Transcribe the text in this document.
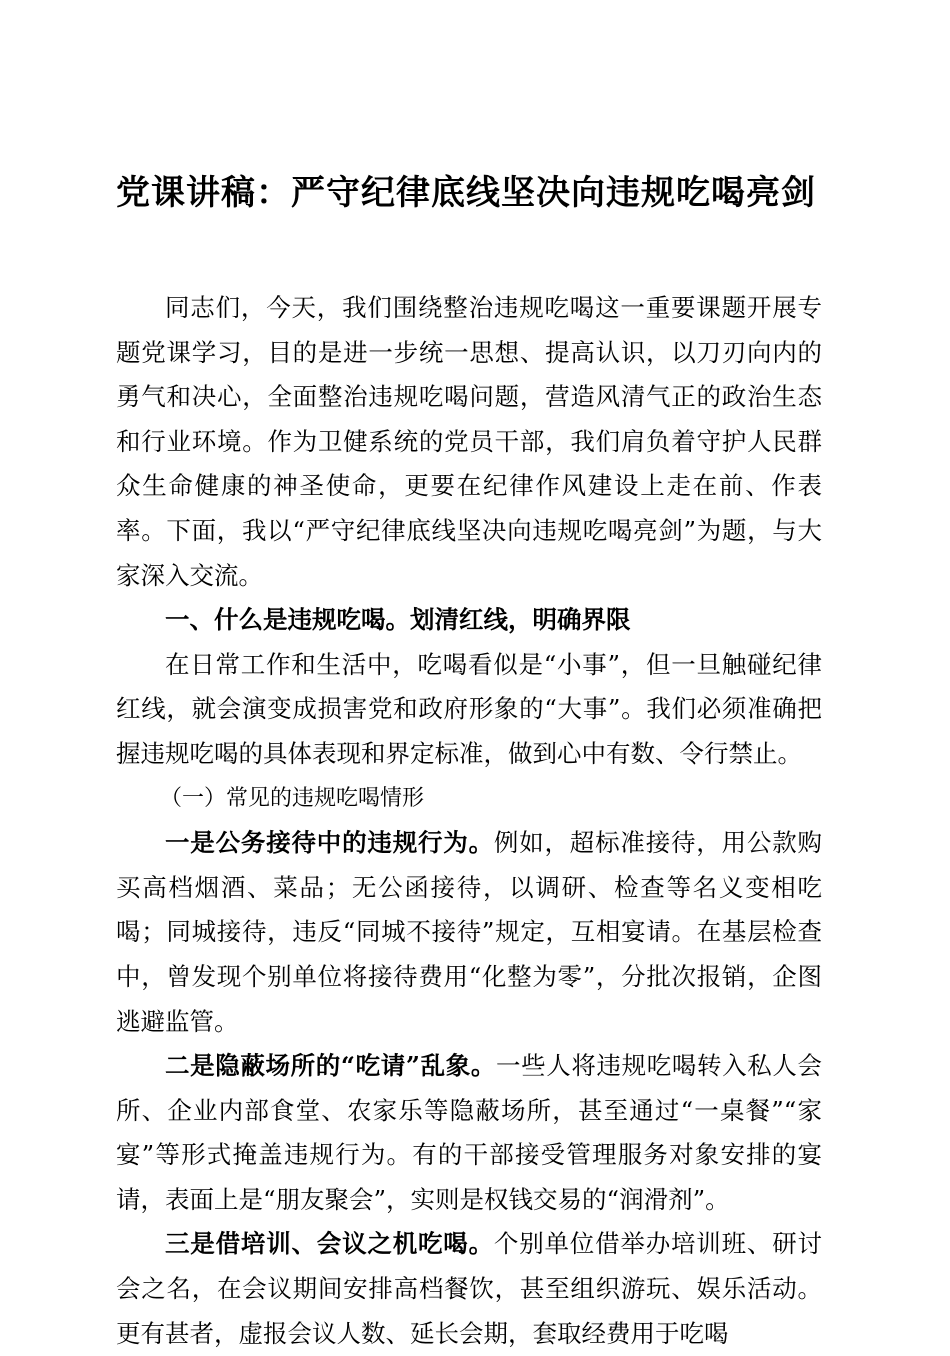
党课讲稿：严守纪律底线坚决向违规吃喝亮剑

同志们，今天，我们围绕整治违规吃喝这一重要课题开展专题党课学习，目的是进一步统一思想、提高认识，以刀刃向内的勇气和决心，全面整治违规吃喝问题，营造风清气正的政治生态和行业环境。作为卫健系统的党员干部，我们肩负着守护人民群众生命健康的神圣使命，更要在纪律作风建设上走在前、作表率。下面，我以“严守纪律底线坚决向违规吃喝亮剑”为题，与大家深入交流。

一、什么是违规吃喝。划清红线，明确界限

在日常工作和生活中，吃喝看似是“小事”，但一旦触碰纪律红线，就会演变成损害党和政府形象的“大事”。我们必须准确把握违规吃喝的具体表现和界定标准，做到心中有数、令行禁止。

（一）常见的违规吃喝情形

一是公务接待中的违规行为。例如，超标准接待，用公款购买高档烟酒、菜品；无公函接待，以调研、检查等名义变相吃喝；同城接待，违反“同城不接待”规定，互相宴请。在基层检查中，曾发现个别单位将接待费用“化整为零”，分批次报销，企图逃避监管。

二是隐蔽场所的“吃请”乱象。一些人将违规吃喝转入私人会所、企业内部食堂、农家乐等隐蔽场所，甚至通过“一桌餐”“家宴”等形式掩盖违规行为。有的干部接受管理服务对象安排的宴请，表面上是“朋友聚会”，实则是权钱交易的“润滑剂”。

三是借培训、会议之机吃喝。个别单位借举办培训班、研讨会之名，在会议期间安排高档餐饮，甚至组织游玩、娱乐活动。更有甚者，虚报会议人数、延长会期，套取经费用于吃喝
